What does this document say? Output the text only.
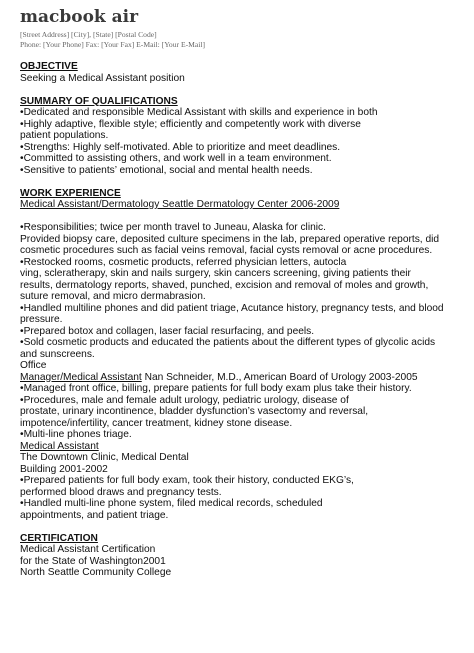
macbook air

[Street Address] [City], [State] [Postal Code]

Phone: [Your Phone] Fax: [Your Fax] E-Mail: [Your E-Mail]

OBJECTIVE

Seeking a Medical Assistant position

SUMMARY OF QUALIFICATIONS

•Dedicated and responsible Medical Assistant with skills and experience in both

•Highly adaptive, flexible style; efficiently and competently work with diverse

patient populations.

•Strengths: Highly self-motivated. Able to prioritize and meet deadlines.

•Committed to assisting others, and work well in a team environment.

•Sensitive to patients’ emotional, social and mental health needs.

WORK EXPERIENCE

Medical Assistant/Dermatology Seattle Dermatology Center 2006-2009

•Responsibilities; twice per month travel to Juneau, Alaska for clinic.

Provided biopsy care, deposited culture specimens in the lab, prepared operative reports, did

cosmetic procedures such as facial veins removal, facial cysts removal or acne procedures.

•Restocked rooms, cosmetic products, referred physician letters, autocla

ving, scleratherapy, skin and nails surgery, skin cancers screening, giving patients their

results, dermatology reports, shaved, punched, excision and removal of moles and growth,

suture removal, and micro dermabrasion.

•Handled multiline phones and did patient triage, Acutance history, pregnancy tests, and blood

pressure.

•Prepared botox and collagen, laser facial resurfacing, and peels.

•Sold cosmetic products and educated the patients about the different types of glycolic acids

and sunscreens.

Office

Manager/Medical Assistant Nan Schneider, M.D., American Board of Urology 2003-2005

•Managed front office, billing, prepare patients for full body exam plus take their history.

•Procedures, male and female adult urology, pediatric urology, disease of

prostate, urinary incontinence, bladder dysfunction’s vasectomy and reversal,

impotence/infertility, cancer treatment, kidney stone disease.

•Multi-line phones triage.

Medical Assistant

The Downtown Clinic, Medical Dental

Building 2001-2002

•Prepared patients for full body exam, took their history, conducted EKG’s,

performed blood draws and pregnancy tests.

•Handled multi-line phone system, filed medical records, scheduled

appointments, and patient triage.

CERTIFICATION

Medical Assistant Certification

for the State of Washington2001

North Seattle Community College
